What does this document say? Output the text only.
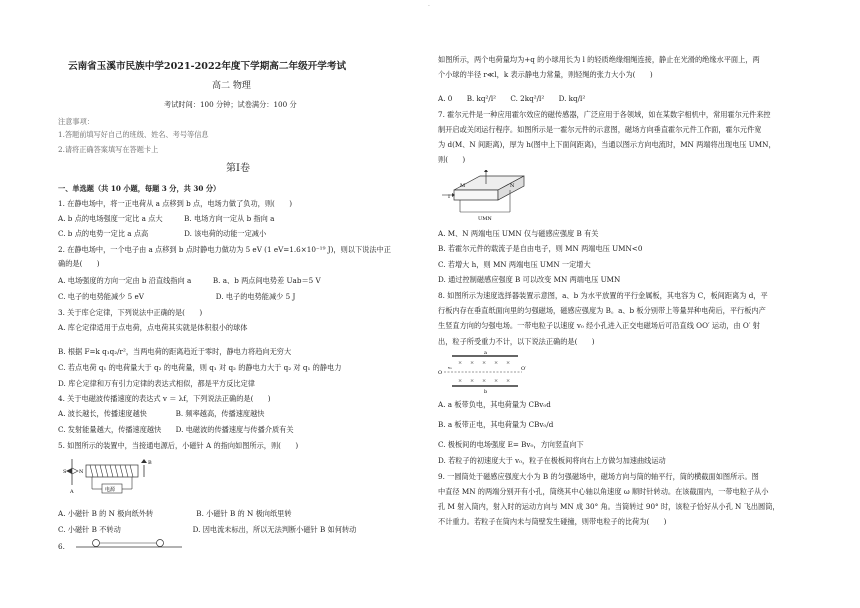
·
云南省玉溪市民族中学2021-2022年度下学期高二年级开学考试
高二 物理
考试时间：100 分钟；试卷满分：100 分
注意事项：
1.答题前填写好自己的班级、姓名、考号等信息
2.请将正确答案填写在答题卡上
第Ⅰ卷
一、单选题（共 10 小题，每题 3 分，共 30 分）
1. 在静电场中，将一正电荷从 a 点移到 b 点，电场力做了负功，则(　　)
A. b 点的电场强度一定比 a 点大　　　B. 电场方向一定从 b 指向 a
C. b 点的电势一定比 a 点高　　　　　D. 该电荷的动能一定减小
2. 在静电场中，一个电子由 a 点移到 b 点时静电力做功为 5 eV (1 eV=1.6×10⁻¹⁹ J)，则以下说法中正
确的是(　　)
A. 电场强度的方向一定由 b 沿直线指向 a　　　B. a、b 两点间电势差 Uab＝5 V
C. 电子的电势能减少 5 eV　　　　　　　　　　D. 电子的电势能减少 5 J
3. 关于库仑定律，下列说法中正确的是(　　)
A. 库仑定律适用于点电荷，点电荷其实就是体积很小的球体
B. 根据 F=k q₁q₂/r²，当两电荷的距离趋近于零时，静电力将趋向无穷大
C. 若点电荷 q₁ 的电荷量大于 q₂ 的电荷量，则 q₁ 对 q₂ 的静电力大于 q₂ 对 q₁ 的静电力
D. 库仑定律和万有引力定律的表达式相似，都是平方反比定律
4. 关于电磁波传播速度的表达式 v ＝ λf，下列说法正确的是(　　)
A. 波长越长，传播速度越快　　　　B. 频率越高，传播速度越快
C. 发射能量越大，传播速度越快　　D. 电磁波的传播速度与传播介质有关
5. 如图所示的装置中，当接通电源后，小磁针 A 的指向如图所示，则(　　)
S	N
A
B
电源
A. 小磁针 B 的 N 极向纸外转　　　　　　B. 小磁针 B 的 N 极向纸里转
C. 小磁针 B 不转动　　　　　　　　　　D. 因电流未标出，所以无法判断小磁针 B 如何转动
6.
如图所示，两个电荷量均为+q 的小球用长为 l 的轻质绝缘细绳连接，静止在光滑的绝缘水平面上，两
个小球的半径 r≪l，k 表示静电力常量，则轻绳的张力大小为(　　)
A. 0　　B. kq²/l²　　C. 2kq²/l²　　D. kq/l²
7. 霍尔元件是一种应用霍尔效应的磁传感器，广泛应用于各领域，如在某数字相机中，常用霍尔元件来控
制开启或关闭运行程序。如图所示是一霍尔元件的示意图，磁场方向垂直霍尔元件工作面，霍尔元件宽
为 d(M、N 间距离)，厚为 h(图中上下面间距离)，当通以图示方向电流时，MN 两端将出现电压 UMN，
则(　　)
M	N
I
UMN
A. M、N 两端电压 UMN 仅与磁感应强度 B 有关
B. 若霍尔元件的载流子是自由电子，则 MN 两端电压 UMN<0
C. 若增大 h，则 MN 两端电压 UMN 一定增大
D. 通过控制磁感应强度 B 可以改变 MN 两端电压 UMN
8. 如图所示为速度选择器装置示意图，a、b 为水平放置的平行金属板，其电容为 C，板间距离为 d，平
行板内存在垂直纸面向里的匀强磁场，磁感应强度为 B。a、b 板分别带上等量异种电荷后，平行板内产
生竖直方向的匀强电场。一带电粒子以速度 v₀ 经小孔进入正交电磁场后可沿直线 OO′ 运动，由 O′ 射
出，粒子所受重力不计，以下说法正确的是(　　)
a
b
× × × × ×
× × × × ×
O
O′
v₀
A. a 板带负电，其电荷量为 CBv₀d
B. a 板带正电，其电荷量为 CBv₀/d
C. 极板间的电场强度 E= Bv₀，方向竖直向下
D. 若粒子的初速度大于 v₀，粒子在极板间将向右上方做匀加速曲线运动
9. 一圆筒处于磁感应强度大小为 B 的匀强磁场中，磁场方向与筒的轴平行，筒的横截面如图所示。图
中直径 MN 的两端分别开有小孔，筒绕其中心轴以角速度 ω 顺时针转动。在该截面内，一带电粒子从小
孔 M 射入筒内，射入时的运动方向与 MN 成 30° 角。当筒转过 90° 时，该粒子恰好从小孔 N 飞出圆筒，
不计重力。若粒子在筒内未与筒壁发生碰撞，则带电粒子的比荷为(　　)
